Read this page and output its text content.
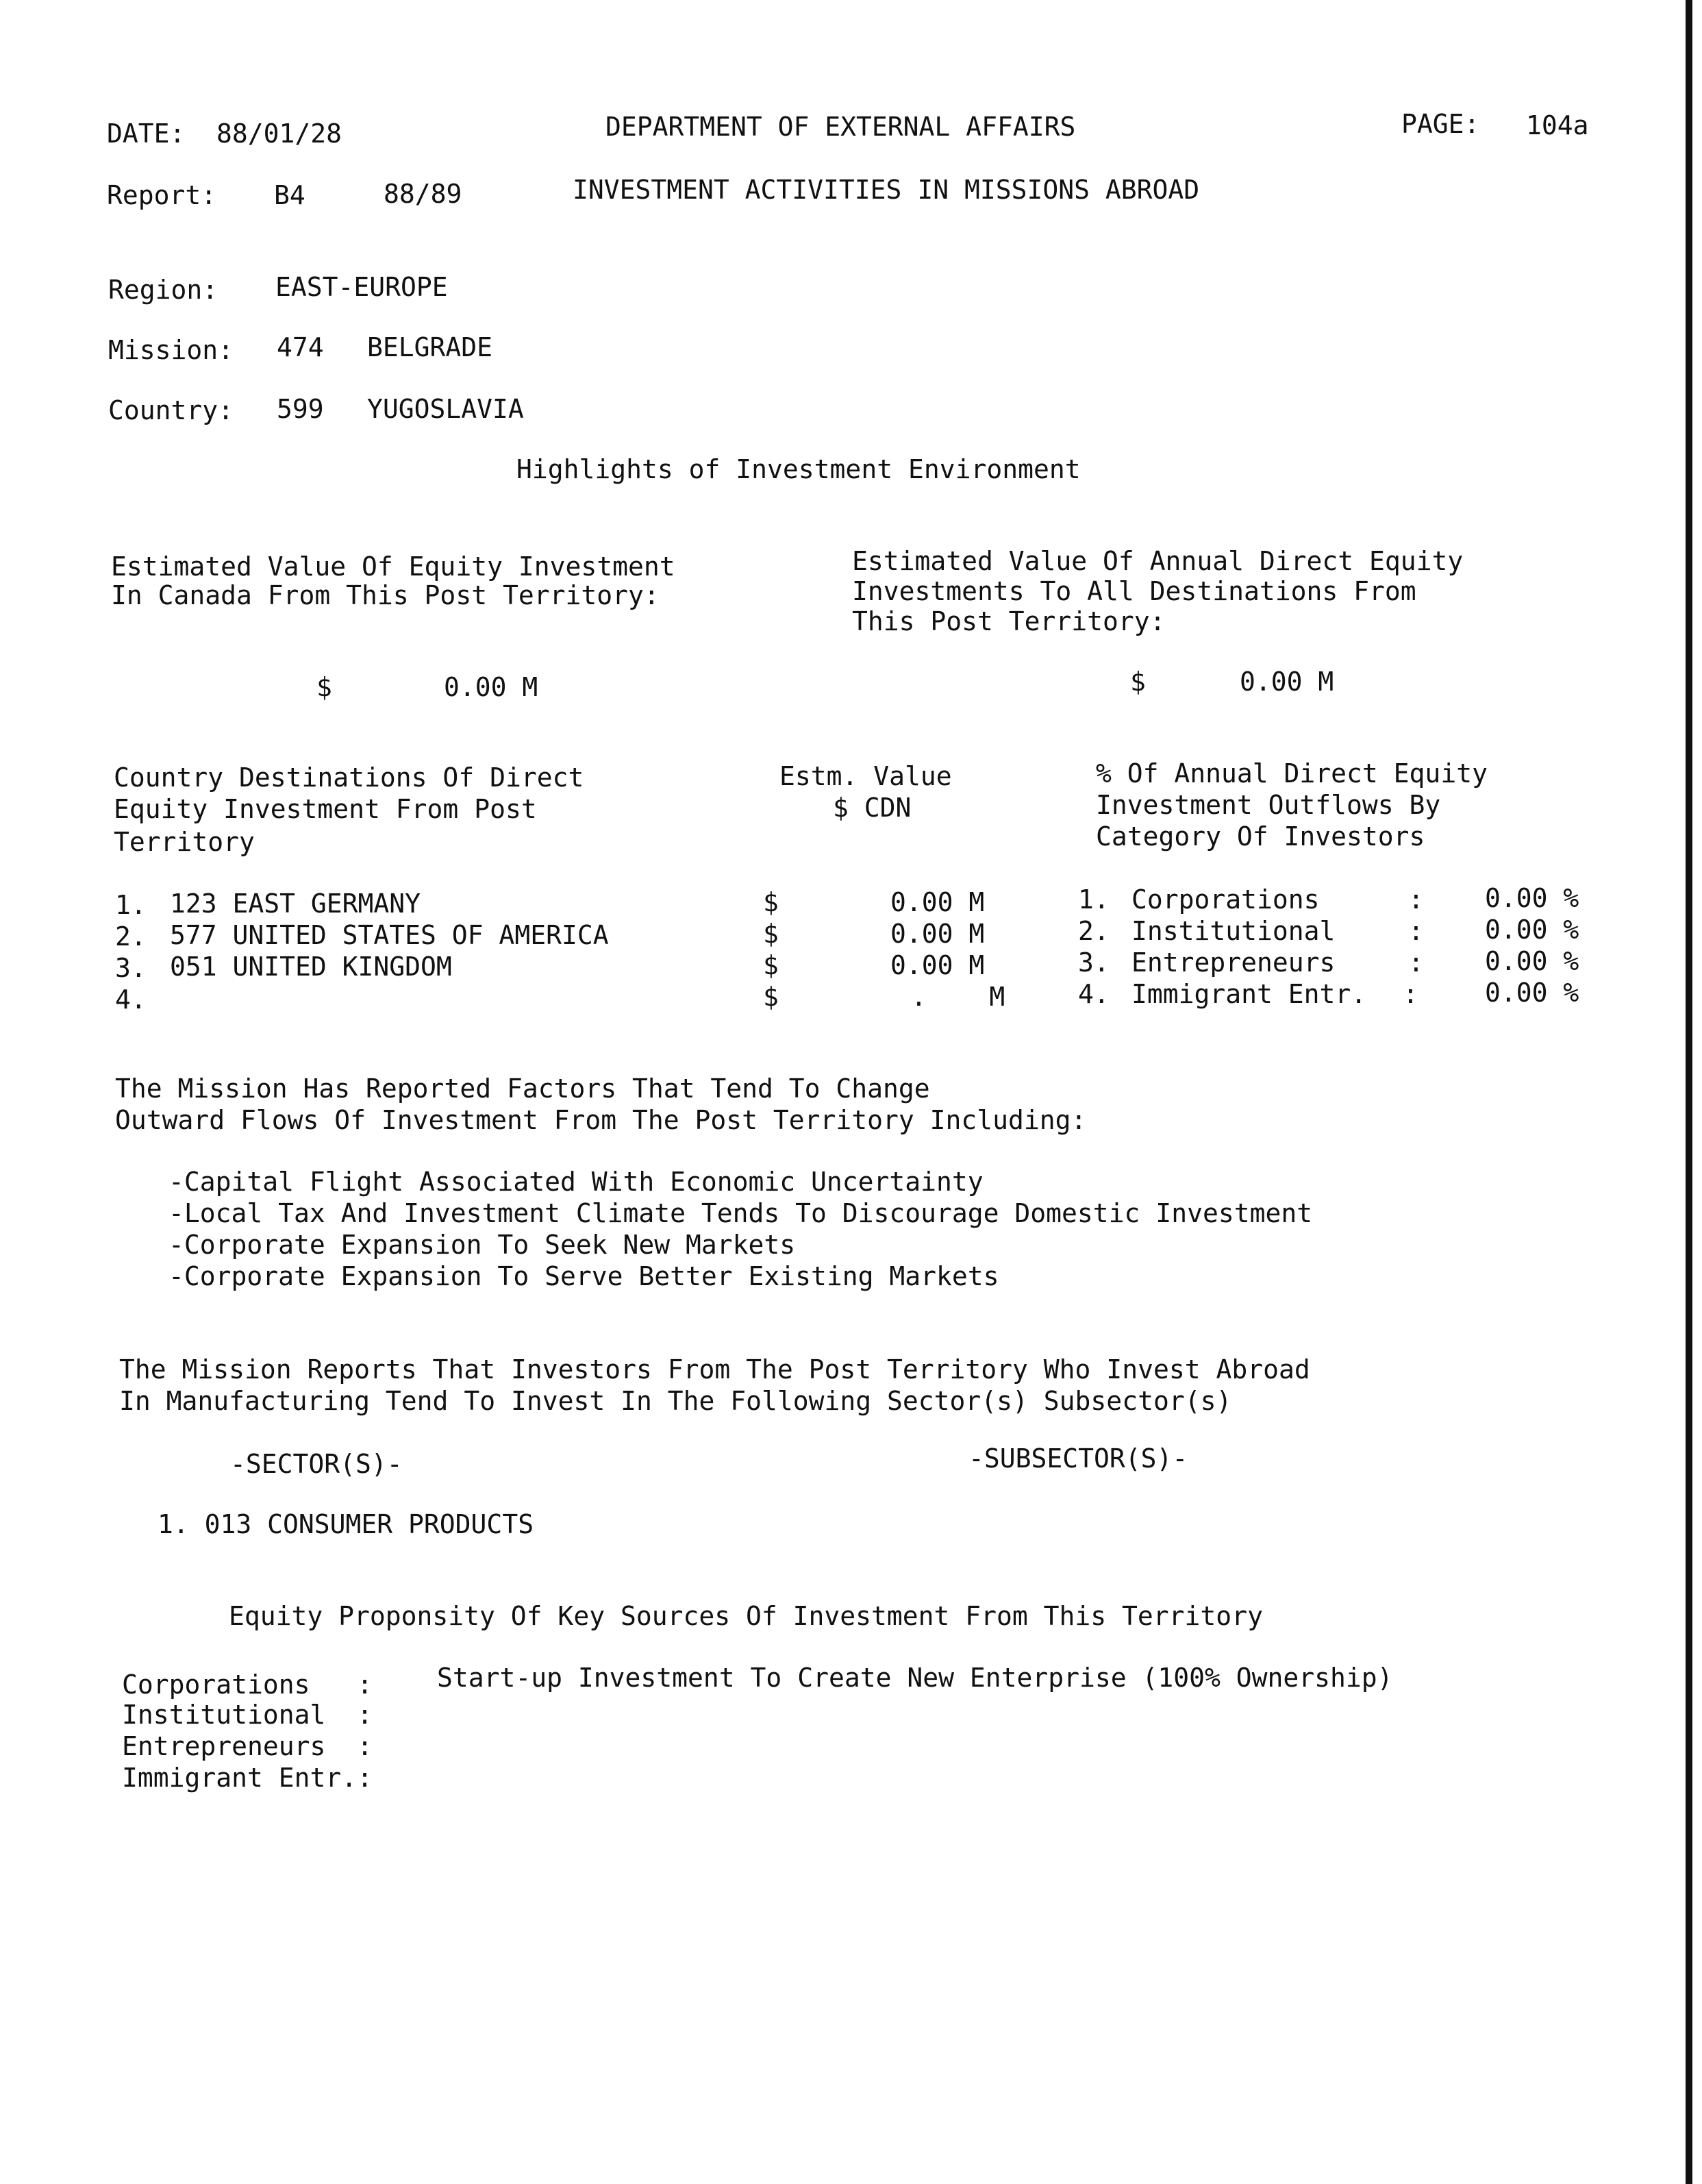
DATE: 88/01/28	DEPARTMENT OF EXTERNAL AFFAIRS	PAGE: 104a
Report: B4	88/89	INVESTMENT ACTIVITIES IN MISSIONS ABROAD
Region: EAST-EUROPE
Mission: 474 BELGRADE
Country: 599 YUGOSLAVIA
Highlights of Investment Environment
Estimated Value Of Equity Investment
In Canada From This Post Territory:
$	0.00 M
Estimated Value Of Annual Direct Equity
Investments To All Destinations From
This Post Territory:
$	0.00 M
Country Destinations Of Direct
Equity Investment From Post
Territory
Estm. Value
$ CDN
1. 123 EAST GERMANY	$	0.00 M
2. 577 UNITED STATES OF AMERICA	$	0.00 M
3. 051 UNITED KINGDOM	$	0.00 M
4.	$	.    M
% Of Annual Direct Equity
Investment Outflows By
Category Of Investors
1. Corporations	: 0.00 %
2. Institutional	: 0.00 %
3. Entrepreneurs	: 0.00 %
4. Immigrant Entr. :	0.00 %
The Mission Has Reported Factors That Tend To Change
Outward Flows Of Investment From The Post Territory Including:
-Capital Flight Associated With Economic Uncertainty
-Local Tax And Investment Climate Tends To Discourage Domestic Investment
-Corporate Expansion To Seek New Markets
-Corporate Expansion To Serve Better Existing Markets
The Mission Reports That Investors From The Post Territory Who Invest Abroad
In Manufacturing Tend To Invest In The Following Sector(s) Subsector(s)
-SECTOR(S)-	-SUBSECTOR(S)-
1. 013 CONSUMER PRODUCTS
Equity Proponsity Of Key Sources Of Investment From This Territory
Corporations   : Start-up Investment To Create New Enterprise (100% Ownership)
Institutional  :
Entrepreneurs  :
Immigrant Entr.:
